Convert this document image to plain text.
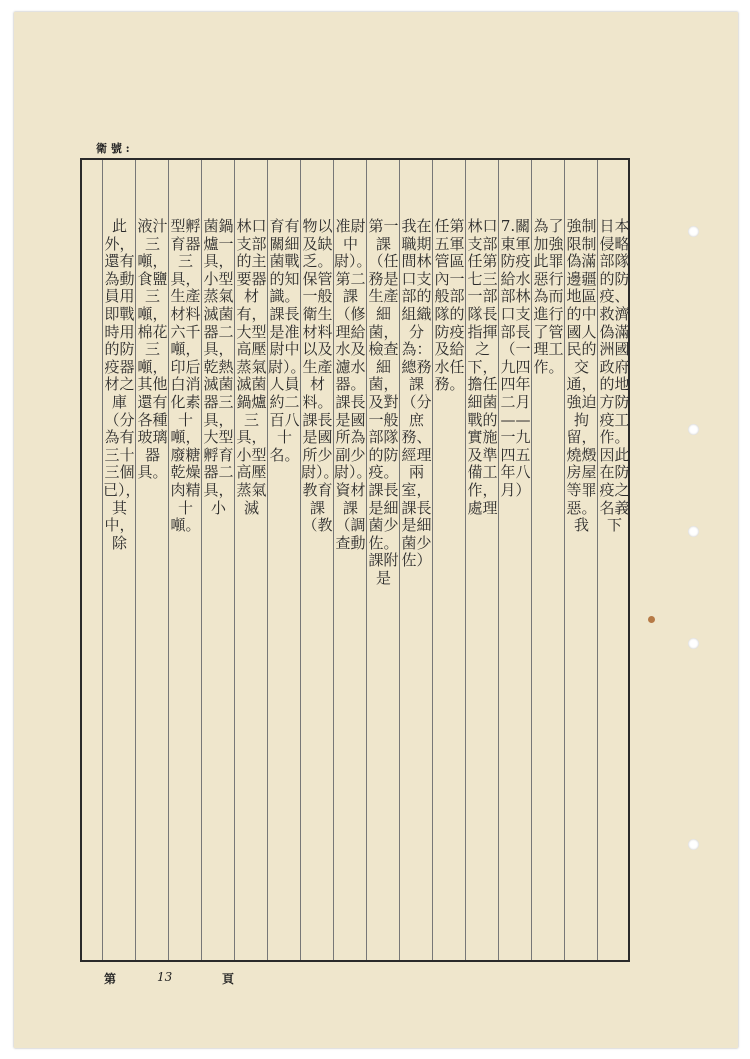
衛 號 :
日本侵略部隊的防疫、救濟偽滿洲國政府的地方防疫工作。因此在防疫之名義下
強制限制偽滿邊疆地區的中國人民的交通，強迫拘留，燒燬房屋等罪惡。我
為了加強此罪惡行為而進行了管理工作。
7.關東軍防疫給水部林口支部長（一九四四年二月 —— 一九四五年八月）
林口支部任第七三一部隊長指揮之下，擔任細菌戰的實施及準備工作，處理
任第五軍管區內一般部隊的防疫及給水任務。
我在職期間林口支部的組織分為：總務課（分庶務、經理兩室，課長是細菌少佐）
第一課（任務是生產細菌，檢查細菌，及對一般部隊的防疫。課長是細菌少佐。課附是
准尉中尉）。第二課（修理給水及濾水器。課長是國所為副少尉）。資材課（調查動
物以及缺乏。保管一般衛生材料以及生產材料。課長是國所少尉）。教育課（教
育有關細菌戰的知識。課長是准尉中尉）。人員約二百八十名。
林口支部的主要器材有，大型高壓蒸氣滅菌鍋爐三具，小型高壓蒸氣滅
菌鍋爐一具，小型蒸氣滅菌器二具，乾熱滅菌器三具，大型孵育器二具，小
型孵育器三具，生產材料六千噸，印后白消化素十噸，廢糖乾燥肉精十噸。
液汁三噸，食鹽三噸，棉花三噸，其他還有各種玻璃器具。
此外，還有為動員用即戰時用的防疫器材之庫（分為有三十三個已），其中，除
第	13	頁
